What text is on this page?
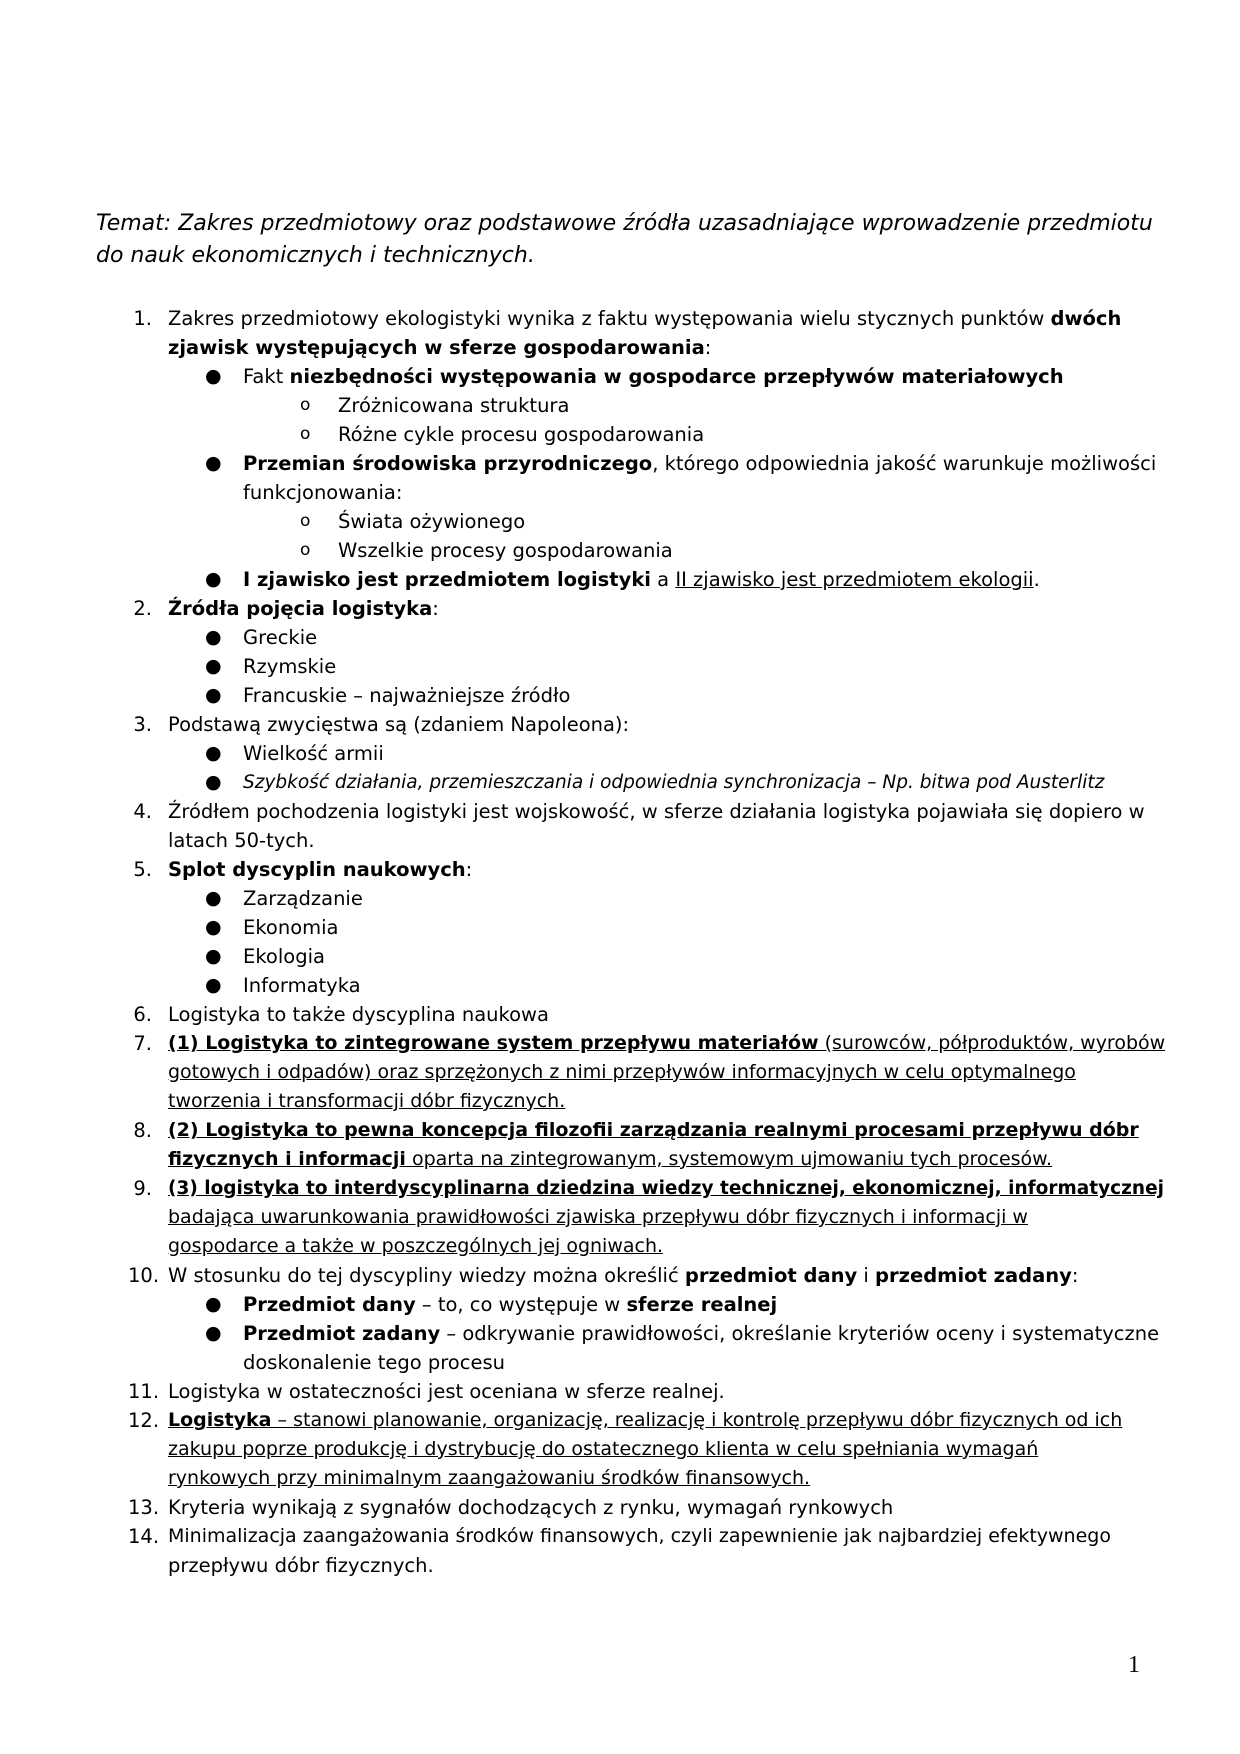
Temat: Zakres przedmiotowy oraz podstawowe źródła uzasadniające wprowadzenie przedmiotu do nauk ekonomicznych i technicznych.
1. Zakres przedmiotowy ekologistyki wynika z faktu występowania wielu stycznych punktów dwóch
zjawisk występujących w sferze gospodarowania:
● Fakt niezbędności występowania w gospodarce przepływów materiałowych
o Zróżnicowana struktura
o Różne cykle procesu gospodarowania
● Przemian środowiska przyrodniczego, którego odpowiednia jakość warunkuje możliwości
funkcjonowania:
o Świata ożywionego
o Wszelkie procesy gospodarowania
● I zjawisko jest przedmiotem logistyki a II zjawisko jest przedmiotem ekologii.
2. Źródła pojęcia logistyka:
● Greckie
● Rzymskie
● Francuskie – najważniejsze źródło
3. Podstawą zwycięstwa są (zdaniem Napoleona):
● Wielkość armii
● Szybkość działania, przemieszczania i odpowiednia synchronizacja – Np. bitwa pod Austerlitz
4. Źródłem pochodzenia logistyki jest wojskowość, w sferze działania logistyka pojawiała się dopiero w
latach 50-tych.
5. Splot dyscyplin naukowych:
● Zarządzanie
● Ekonomia
● Ekologia
● Informatyka
6. Logistyka to także dyscyplina naukowa
7. (1) Logistyka to zintegrowane system przepływu materiałów (surowców, półproduktów, wyrobów
gotowych i odpadów) oraz sprzężonych z nimi przepływów informacyjnych w celu optymalnego
tworzenia i transformacji dóbr fizycznych.
8. (2) Logistyka to pewna koncepcja filozofii zarządzania realnymi procesami przepływu dóbr
fizycznych i informacji oparta na zintegrowanym, systemowym ujmowaniu tych procesów.
9. (3) logistyka to interdyscyplinarna dziedzina wiedzy technicznej, ekonomicznej, informatycznej
badająca uwarunkowania prawidłowości zjawiska przepływu dóbr fizycznych i informacji w
gospodarce a także w poszczególnych jej ogniwach.
10. W stosunku do tej dyscypliny wiedzy można określić przedmiot dany i przedmiot zadany:
● Przedmiot dany – to, co występuje w sferze realnej
● Przedmiot zadany – odkrywanie prawidłowości, określanie kryteriów oceny i systematyczne
doskonalenie tego procesu
11. Logistyka w ostateczności jest oceniana w sferze realnej.
12. Logistyka – stanowi planowanie, organizację, realizację i kontrolę przepływu dóbr fizycznych od ich
zakupu poprze produkcję i dystrybucję do ostatecznego klienta w celu spełniania wymagań
rynkowych przy minimalnym zaangażowaniu środków finansowych.
13. Kryteria wynikają z sygnałów dochodzących z rynku, wymagań rynkowych
14. Minimalizacja zaangażowania środków finansowych, czyli zapewnienie jak najbardziej efektywnego
przepływu dóbr fizycznych.
1
